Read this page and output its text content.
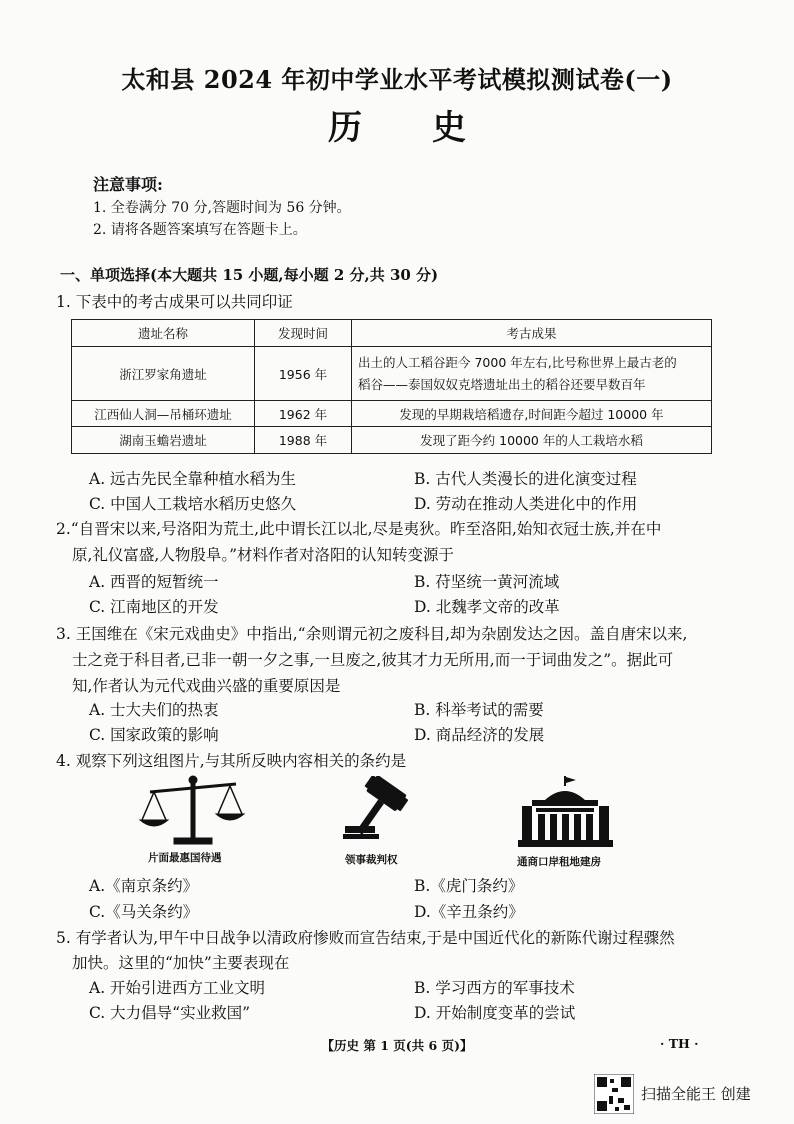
太和县 2024 年初中学业水平考试模拟测试卷(一)
历 史
注意事项:
1. 全卷满分 70 分,答题时间为 56 分钟。
2. 请将各题答案填写在答题卡上。
一、单项选择(本大题共 15 小题,每小题 2 分,共 30 分)
1. 下表中的考古成果可以共同印证
遗址名称	发现时间	考古成果
浙江罗家角遗址	1956 年	出土的人工稻谷距今 7000 年左右,比号称世界上最古老的
稻谷——泰国奴奴克塔遗址出土的稻谷还要早数百年
江西仙人洞—吊桶环遗址	1962 年	发现的早期栽培稻遗存,时间距今超过 10000 年
湖南玉蟾岩遗址	1988 年	发现了距今约 10000 年的人工栽培水稻
A. 远古先民全靠种植水稻为生	B. 古代人类漫长的进化演变过程
C. 中国人工栽培水稻历史悠久	D. 劳动在推动人类进化中的作用
2.“自晋宋以来,号洛阳为荒土,此中谓长江以北,尽是夷狄。昨至洛阳,始知衣冠士族,并在中
原,礼仪富盛,人物殷阜。”材料作者对洛阳的认知转变源于
A. 西晋的短暂统一	B. 苻坚统一黄河流域
C. 江南地区的开发	D. 北魏孝文帝的改革
3. 王国维在《宋元戏曲史》中指出,“余则谓元初之废科目,却为杂剧发达之因。盖自唐宋以来,
士之竞于科目者,已非一朝一夕之事,一旦废之,彼其才力无所用,而一于词曲发之”。据此可
知,作者认为元代戏曲兴盛的重要原因是
A. 士大夫们的热衷	B. 科举考试的需要
C. 国家政策的影响	D. 商品经济的发展
4. 观察下列这组图片,与其所反映内容相关的条约是
片面最惠国待遇	领事裁判权	通商口岸租地建房
A.《南京条约》	B.《虎门条约》
C.《马关条约》	D.《辛丑条约》
5. 有学者认为,甲午中日战争以清政府惨败而宣告结束,于是中国近代化的新陈代谢过程骤然
加快。这里的“加快”主要表现在
A. 开始引进西方工业文明	B. 学习西方的军事技术
C. 大力倡导“实业救国”	D. 开始制度变革的尝试
【历史 第 1 页(共 6 页)】	· TH ·
扫描全能王 创建
